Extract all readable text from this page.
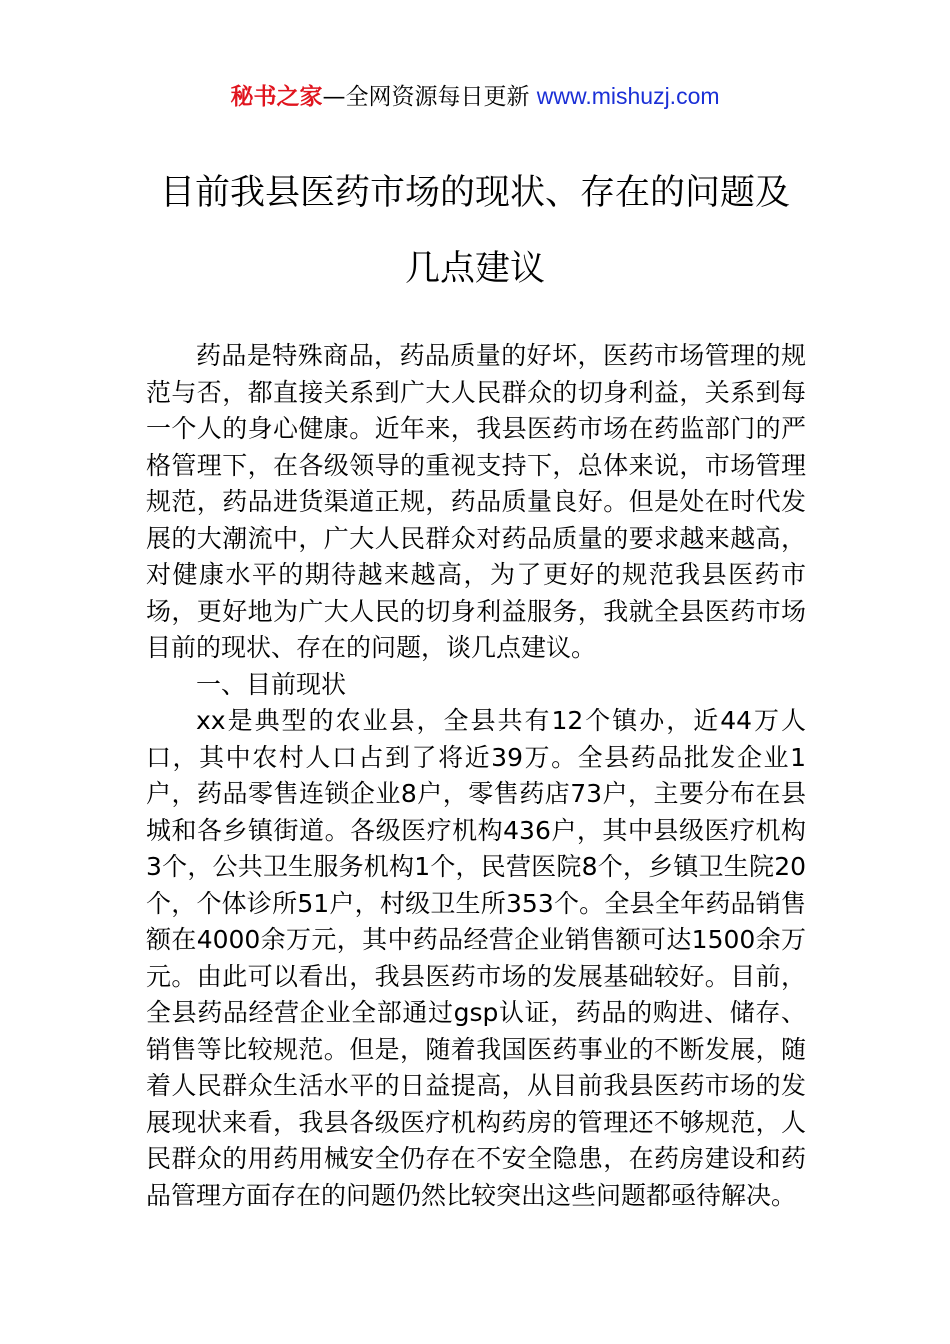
秘书之家—全网资源每日更新 www.mishuzj.com
目前我县医药市场的现状、存在的问题及
几点建议

药品是特殊商品，药品质量的好坏，医药市场管理的规范与否，都直接关系到广大人民群众的切身利益，关系到每一个人的身心健康。近年来，我县医药市场在药监部门的严格管理下，在各级领导的重视支持下，总体来说，市场管理规范，药品进货渠道正规，药品质量良好。但是处在时代发展的大潮流中，广大人民群众对药品质量的要求越来越高，对健康水平的期待越来越高，为了更好的规范我县医药市场，更好地为广大人民的切身利益服务，我就全县医药市场目前的现状、存在的问题，谈几点建议。

一、目前现状

xx是典型的农业县，全县共有12个镇办，近44万人口，其中农村人口占到了将近39万。全县药品批发企业1户，药品零售连锁企业8户，零售药店73户，主要分布在县城和各乡镇街道。各级医疗机构436户，其中县级医疗机构3个，公共卫生服务机构1个，民营医院8个，乡镇卫生院20个，个体诊所51户，村级卫生所353个。全县全年药品销售额在4000余万元，其中药品经营企业销售额可达1500余万元。由此可以看出，我县医药市场的发展基础较好。目前，全县药品经营企业全部通过gsp认证，药品的购进、储存、销售等比较规范。但是，随着我国医药事业的不断发展，随着人民群众生活水平的日益提高，从目前我县医药市场的发展现状来看，我县各级医疗机构药房的管理还不够规范，人民群众的用药用械安全仍存在不安全隐患，在药房建设和药品管理方面存在的问题仍然比较突出这些问题都亟待解决。
